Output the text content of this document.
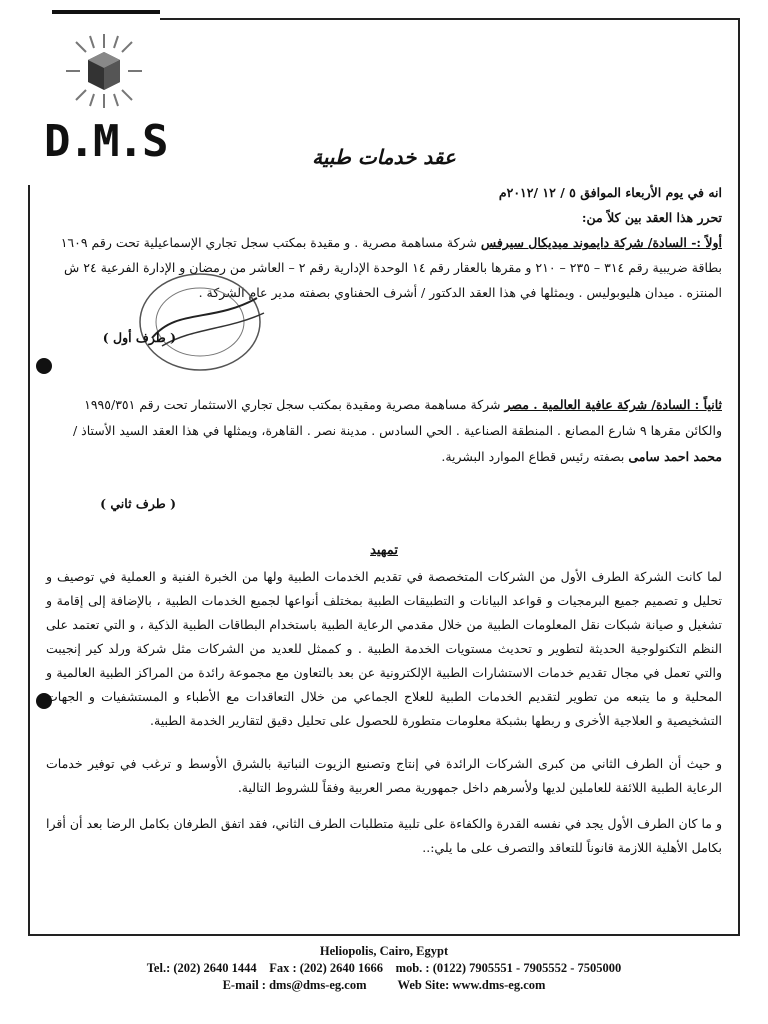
D.M.S	عقد خدمات طبية
انه في يوم الأربعاء الموافق ٥ / ١٢ /٢٠١٢م
تحرر هذا العقد بين كلاً من:
أولاً :- السادة/ شركة دايموند ميديكال سيرفس شركة مساهمة مصرية . و مقيدة بمكتب سجل تجاري الإسماعيلية تحت رقم ١٦٠٩ بطاقة ضريبية رقم ٣١٤ – ٢٣٥ – ٢١٠ و مقرها بالعقار رقم ١٤ الوحدة الإدارية رقم ٢ – العاشر من رمضان و الإدارة الفرعية ٢٤ ش المنتزه . ميدان هليوبوليس . ويمثلها في هذا العقد الدكتور / أشرف الحفناوي بصفته مدير عام الشركة .
( طرف أول )
ثانياً : السادة/ شركة عافية العالمية . مصر شركة مساهمة مصرية ومقيدة بمكتب سجل تجاري الاستثمار تحت رقم ١٩٩٥/٣٥١ والكائن مقرها ٩ شارع المصانع . المنطقة الصناعية . الحي السادس . مدينة نصر . القاهرة، ويمثلها في هذا العقد السيد الأستاذ / محمد احمد سامى بصفته رئيس قطاع الموارد البشرية.
( طرف ثاني )
تمهيد
لما كانت الشركة الطرف الأول من الشركات المتخصصة في تقديم الخدمات الطبية ولها من الخبرة الفنية و العملية في توصيف و تحليل و تصميم جميع البرمجيات و قواعد البيانات و التطبيقات الطبية بمختلف أنواعها لجميع الخدمات الطبية ، بالإضافة إلى إقامة و تشغيل و صيانة شبكات نقل المعلومات الطبية من خلال مقدمي الرعاية الطبية باستخدام البطاقات الطبية الذكية ، و التي تعتمد على النظم التكنولوجية الحديثة لتطوير و تحديث مستويات الخدمة الطبية . و كممثل للعديد من الشركات مثل شركة ورلد كير إنجيبت والتي تعمل في مجال تقديم خدمات الاستشارات الطبية الإلكترونية عن بعد بالتعاون مع مجموعة رائدة من المراكز الطبية العالمية و المحلية و ما يتبعه من تطوير لتقديم الخدمات الطبية للعلاج الجماعي من خلال التعاقدات مع الأطباء و المستشفيات و الجهات التشخيصية و العلاجية الأخرى و ربطها بشبكة معلومات متطورة للحصول على تحليل دقيق لتقارير الخدمة الطبية.
و حيث أن الطرف الثاني من كبرى الشركات الرائدة في إنتاج وتصنيع الزيوت النباتية بالشرق الأوسط و ترغب في توفير خدمات الرعاية الطبية اللائقة للعاملين لديها ولأسرهم داخل جمهورية مصر العربية وفقاً للشروط التالية.
و ما كان الطرف الأول يجد في نفسه القدرة والكفاءة على تلبية متطلبات الطرف الثاني، فقد اتفق الطرفان بكامل الرضا بعد أن أقرا بكامل الأهلية اللازمة قانوناً للتعاقد والتصرف على ما يلي:..
Heliopolis, Cairo, Egypt
Tel.: (202) 2640 1444 Fax : (202) 2640 1666 mob. : (0122) 7905551 - 7905552 - 7505000
E-mail : dms@dms-eg.com Web Site: www.dms-eg.com
